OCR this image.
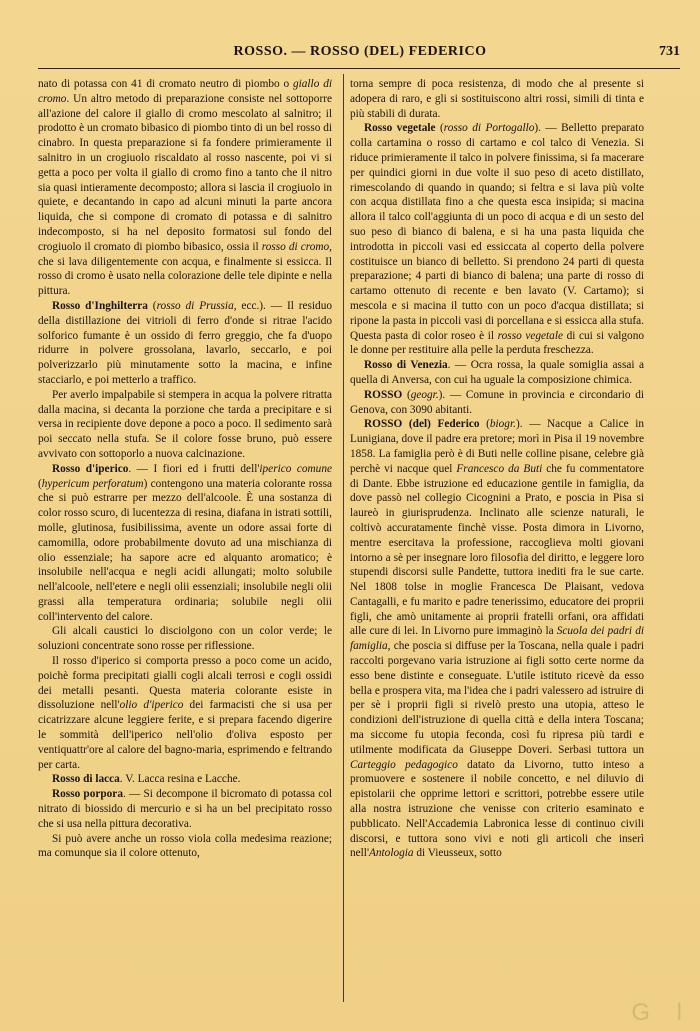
ROSSO. — ROSSO (DEL) FEDERICO	731

nato di potassa con 41 di cromato neutro di piombo o giallo di cromo. Un altro metodo di preparazione consiste nel sottoporre all'azione del calore il giallo di cromo mescolato al salnitro; il prodotto è un cromato bibasico di piombo tinto di un bel rosso di cinabro. In questa preparazione si fa fondere primieramente il salnitro in un crogiuolo riscaldato al rosso nascente, poi vi si getta a poco per volta il giallo di cromo fino a tanto che il nitro sia quasi intieramente decomposto; allora si lascia il crogiuolo in quiete, e decantando in capo ad alcuni minuti la parte ancora liquida, che si compone di cromato di potassa e di salnitro indecomposto, si ha nel deposito formatosi sul fondo del crogiuolo il cromato di piombo bibasico, ossia il rosso di cromo, che si lava diligentemente con acqua, e finalmente si essicca. Il rosso di cromo è usato nella colorazione delle tele dipinte e nella pittura.

Rosso d'Inghilterra (rosso di Prussia, ecc.). — Il residuo della distillazione dei vitrioli di ferro d'onde si ritrae l'acido solforico fumante è un ossido di ferro greggio, che fa d'uopo ridurre in polvere grossolana, lavarlo, seccarlo, e poi polverizzarlo più minutamente sotto la macina, e infine stacciarlo, e poi metterlo a traffico.

Per averlo impalpabile si stempera in acqua la polvere ritratta dalla macina, si decanta la porzione che tarda a precipitare e si versa in recipiente dove depone a poco a poco. Il sedimento sarà poi seccato nella stufa. Se il colore fosse bruno, può essere avvivato con sottoporlo a nuova calcinazione.

Rosso d'iperico. — I fiori ed i frutti dell'iperico comune (hypericum perforatum) contengono una materia colorante rossa che si può estrarre per mezzo dell'alcoole. È una sostanza di color rosso scuro, di lucentezza di resina, diafana in istrati sottili, molle, glutinosa, fusibilissima, avente un odore assai forte di camomilla, odore probabilmente dovuto ad una mischianza di olio essenziale; ha sapore acre ed alquanto aromatico; è insolubile nell'acqua e negli acidi allungati; molto solubile nell'alcoole, nell'etere e negli olii essenziali; insolubile negli olii grassi alla temperatura ordinaria; solubile negli olii coll'intervento del calore.

Gli alcali caustici lo disciolgono con un color verde; le soluzioni concentrate sono rosse per riflessione.

Il rosso d'iperico si comporta presso a poco come un acido, poichè forma precipitati gialli cogli alcali terrosi e cogli ossidi dei metalli pesanti. Questa materia colorante esiste in dissoluzione nell'olio d'iperico dei farmacisti che si usa per cicatrizzare alcune leggiere ferite, e si prepara facendo digerire le sommità dell'iperico nell'olio d'oliva esposto per ventiquattr'ore al calore del bagno-maria, esprimendo e feltrando per carta.

Rosso di lacca. V. Lacca resina e Lacche.

Rosso porpora. — Si decompone il bicromato di potassa col nitrato di biossido di mercurio e si ha un bel precipitato rosso che si usa nella pittura decorativa.

Si può avere anche un rosso viola colla medesima reazione; ma comunque sia il colore ottenuto,

torna sempre di poca resistenza, di modo che al presente si adopera di raro, e gli si sostituiscono altri rossi, simili di tinta e più stabili di durata.

Rosso vegetale (rosso di Portogallo). — Belletto preparato colla cartamina o rosso di cartamo e col talco di Venezia. Si riduce primieramente il talco in polvere finissima, si fa macerare per quindici giorni in due volte il suo peso di aceto distillato, rimescolando di quando in quando; si feltra e si lava più volte con acqua distillata fino a che questa esca insipida; si macina allora il talco coll'aggiunta di un poco di acqua e di un sesto del suo peso di bianco di balena, e si ha una pasta liquida che introdotta in piccoli vasi ed essiccata al coperto della polvere costituisce un bianco di belletto. Si prendono 24 parti di questa preparazione; 4 parti di bianco di balena; una parte di rosso di cartamo ottenuto di recente e ben lavato (V. Cartamo); si mescola e si macina il tutto con un poco d'acqua distillata; si ripone la pasta in piccoli vasi di porcellana e si essicca alla stufa. Questa pasta di color roseo è il rosso vegetale di cui si valgono le donne per restituire alla pelle la perduta freschezza.

Rosso di Venezia. — Ocra rossa, la quale somiglia assai a quella di Anversa, con cui ha uguale la composizione chimica.

ROSSO (geogr.). — Comune in provincia e circondario di Genova, con 3090 abitanti.

ROSSO (del) Federico (biogr.). — Nacque a Calice in Lunigiana, dove il padre era pretore; morì in Pisa il 19 novembre 1858. La famiglia però è di Buti nelle colline pisane, celebre già perchè vi nacque quel Francesco da Buti che fu commentatore di Dante. Ebbe istruzione ed educazione gentile in famiglia, da dove passò nel collegio Cicognini a Prato, e poscia in Pisa si laureò in giurisprudenza. Inclinato alle scienze naturali, le coltivò accuratamente finchè visse. Posta dimora in Livorno, mentre esercitava la professione, raccoglieva molti giovani intorno a sè per insegnare loro filosofia del diritto, e leggere loro stupendi discorsi sulle Pandette, tuttora inediti fra le sue carte. Nel 1808 tolse in moglie Francesca De Plaisant, vedova Cantagalli, e fu marito e padre tenerissimo, educatore dei proprii figli, che amò unitamente ai proprii fratelli orfani, ora affidati alle cure di lei. In Livorno pure immaginò la Scuola dei padri di famiglia, che poscia si diffuse per la Toscana, nella quale i padri raccolti porgevano varia istruzione ai figli sotto certe norme da esso bene distinte e conseguate. L'utile istituto ricevè da esso bella e prospera vita, ma l'idea che i padri valessero ad istruire di per sè i proprii figli si rivelò presto una utopia, atteso le condizioni dell'istruzione di quella città e della intera Toscana; ma siccome fu utopia feconda, così fu ripresa più tardi e utilmente modificata da Giuseppe Doveri. Serbasi tuttora un Carteggio pedagogico datato da Livorno, tutto inteso a promuovere e sostenere il nobile concetto, e nel diluvio di epistolarii che opprime lettori e scrittori, potrebbe essere utile alla nostra istruzione che venisse con criterio esaminato e pubblicato. Nell'Accademia Labronica lesse di continuo civili discorsi, e tuttora sono vivi e noti gli articoli che inserì nell'Antologia di Vieusseux, sotto

G    l
